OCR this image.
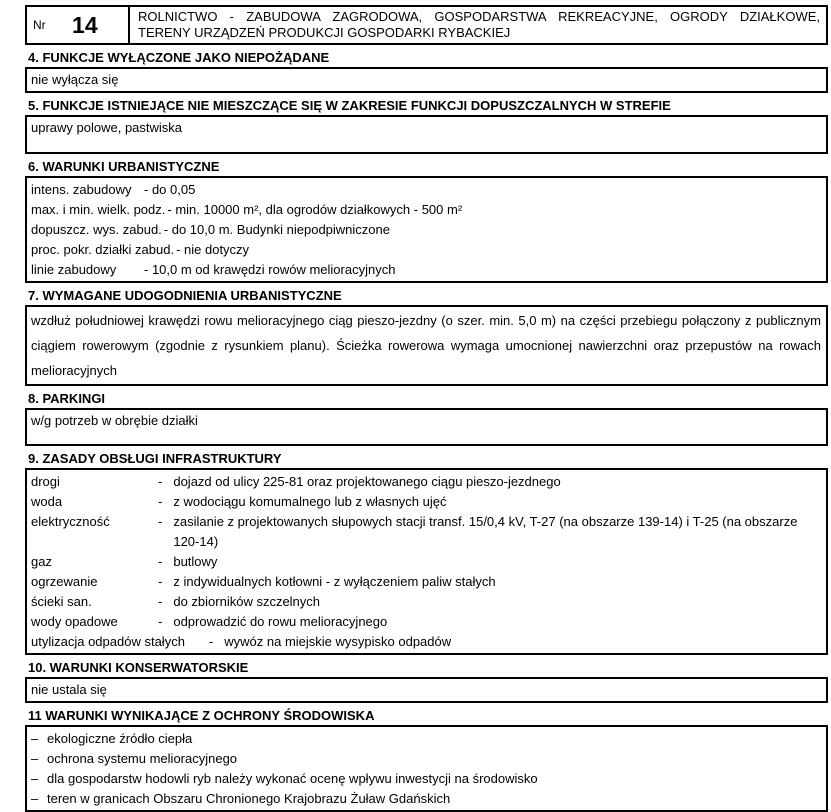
Nr	14	ROLNICTWO - ZABUDOWA ZAGRODOWA, GOSPODARSTWA REKREACYJNE, OGRODY DZIAŁKOWE,
TERENY URZĄDZEŃ PRODUKCJI GOSPODARKI RYBACKIEJ
4. FUNKCJE WYŁĄCZONE JAKO NIEPOŻĄDANE
nie wyłącza się
5. FUNKCJE ISTNIEJĄCE NIE MIESZCZĄCE SIĘ W ZAKRESIE FUNKCJI DOPUSZCZALNYCH W STREFIE
uprawy polowe, pastwiska
6. WARUNKI URBANISTYCZNE
intens. zabudowy - do 0,05
max. i min. wielk. podz. - min. 10000 m², dla ogrodów działkowych - 500 m²
dopuszcz. wys. zabud. - do 10,0 m. Budynki niepodpiwniczone
proc. pokr. działki zabud. - nie dotyczy
linie zabudowy	- 10,0 m od krawędzi rowów melioracyjnych
7. WYMAGANE UDOGODNIENIA URBANISTYCZNE
wzdłuż południowej krawędzi rowu melioracyjnego ciąg pieszo-jezdny (o szer. min. 5,0 m) na części przebiegu połączony z publicznym ciągiem rowerowym (zgodnie z rysunkiem planu). Ścieżka rowerowa wymaga umocnionej nawierzchni oraz przepustów na rowach melioracyjnych
8. PARKINGI
w/g potrzeb w obrębie działki
9. ZASADY OBSŁUGI INFRASTRUKTURY
drogi	- dojazd od ulicy 225-81 oraz projektowanego ciągu pieszo-jezdnego
woda	- z wodociągu komumalnego lub z własnych ujęć
elektryczność	- zasilanie z projektowanych słupowych stacji transf. 15/0,4 kV, T-27 (na obszarze 139-14) i T-25 (na obszarze 120-14)
gaz	- butlowy
ogrzewanie	- z indywidualnych kotłowni - z wyłączeniem paliw stałych
ścieki san.	- do zbiorników szczelnych
wody opadowe	- odprowadzić do rowu melioracyjnego
utylizacja odpadów stałych - wywóz na miejskie wysypisko odpadów
10. WARUNKI KONSERWATORSKIE
nie ustala się
11 WARUNKI WYNIKAJĄCE Z OCHRONY ŚRODOWISKA
– ekologiczne źródło ciepła
– ochrona systemu melioracyjnego
– dla gospodarstw hodowli ryb należy wykonać ocenę wpływu inwestycji na środowisko
– teren w granicach Obszaru Chronionego Krajobrazu Żuław Gdańskich
